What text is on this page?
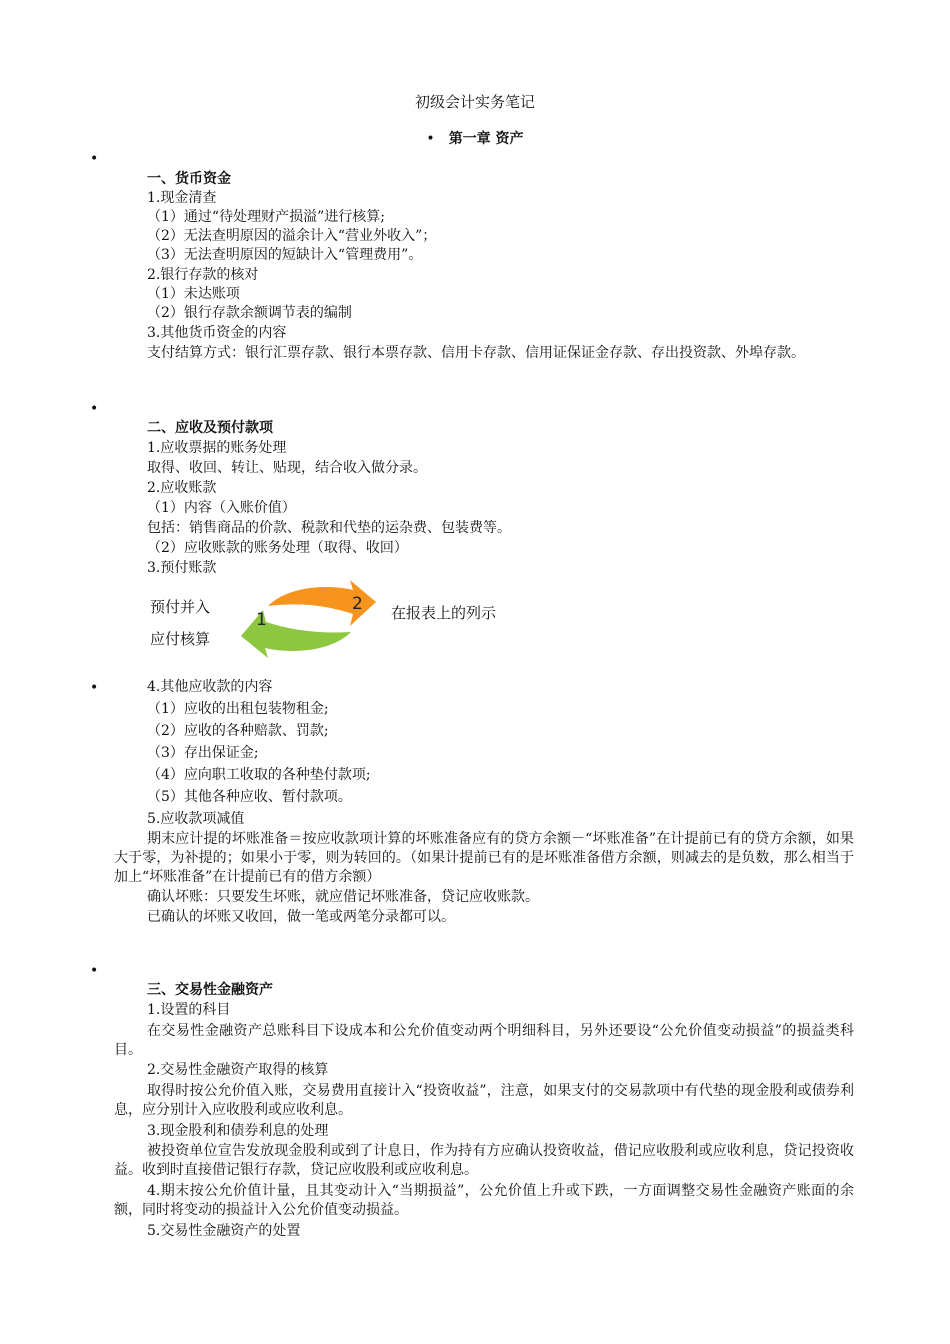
初级会计实务笔记
• 第一章 资产
•
一、货币资金
1.现金清查
（1）通过“待处理财产损溢”进行核算;
（2）无法查明原因的溢余计入“营业外收入”；
（3）无法查明原因的短缺计入“管理费用”。
2.银行存款的核对
（1）未达账项
（2）银行存款余额调节表的编制
3.其他货币资金的内容
支付结算方式：银行汇票存款、银行本票存款、信用卡存款、信用证保证金存款、存出投资款、外埠存款。
•
二、应收及预付款项
1.应收票据的账务处理
取得、收回、转让、贴现，结合收入做分录。
2.应收账款
（1）内容（入账价值）
包括：销售商品的价款、税款和代垫的运杂费、包装费等。
（2）应收账款的账务处理（取得、收回）
3.预付账款
预付并入
应付核算
1
2 在报表上的列示
•	4.其他应收款的内容
（1）应收的出租包装物租金;
（2）应收的各种赔款、罚款;
（3）存出保证金;
（4）应向职工收取的各种垫付款项;
（5）其他各种应收、暂付款项。
5.应收款项减值
期末应计提的坏账准备＝按应收款项计算的坏账准备应有的贷方余额－“坏账准备”在计提前已有的贷方余额，如果大于零，为补提的；如果小于零，则为转回的。（如果计提前已有的是坏账准备借方余额，则减去的是负数，那么相当于加上“坏账准备”在计提前已有的借方余额）
确认坏账：只要发生坏账，就应借记坏账准备，贷记应收账款。
已确认的坏账又收回，做一笔或两笔分录都可以。
•
三、交易性金融资产
1.设置的科目
在交易性金融资产总账科目下设成本和公允价值变动两个明细科目，另外还要设“公允价值变动损益”的损益类科目。
2.交易性金融资产取得的核算
取得时按公允价值入账，交易费用直接计入“投资收益”，注意，如果支付的交易款项中有代垫的现金股利或债券利息，应分别计入应收股利或应收利息。
3.现金股利和债券利息的处理
被投资单位宣告发放现金股利或到了计息日，作为持有方应确认投资收益，借记应收股利或应收利息，贷记投资收益。收到时直接借记银行存款，贷记应收股利或应收利息。
4.期末按公允价值计量，且其变动计入“当期损益”，公允价值上升或下跌，一方面调整交易性金融资产账面的余额，同时将变动的损益计入公允价值变动损益。
5.交易性金融资产的处置
